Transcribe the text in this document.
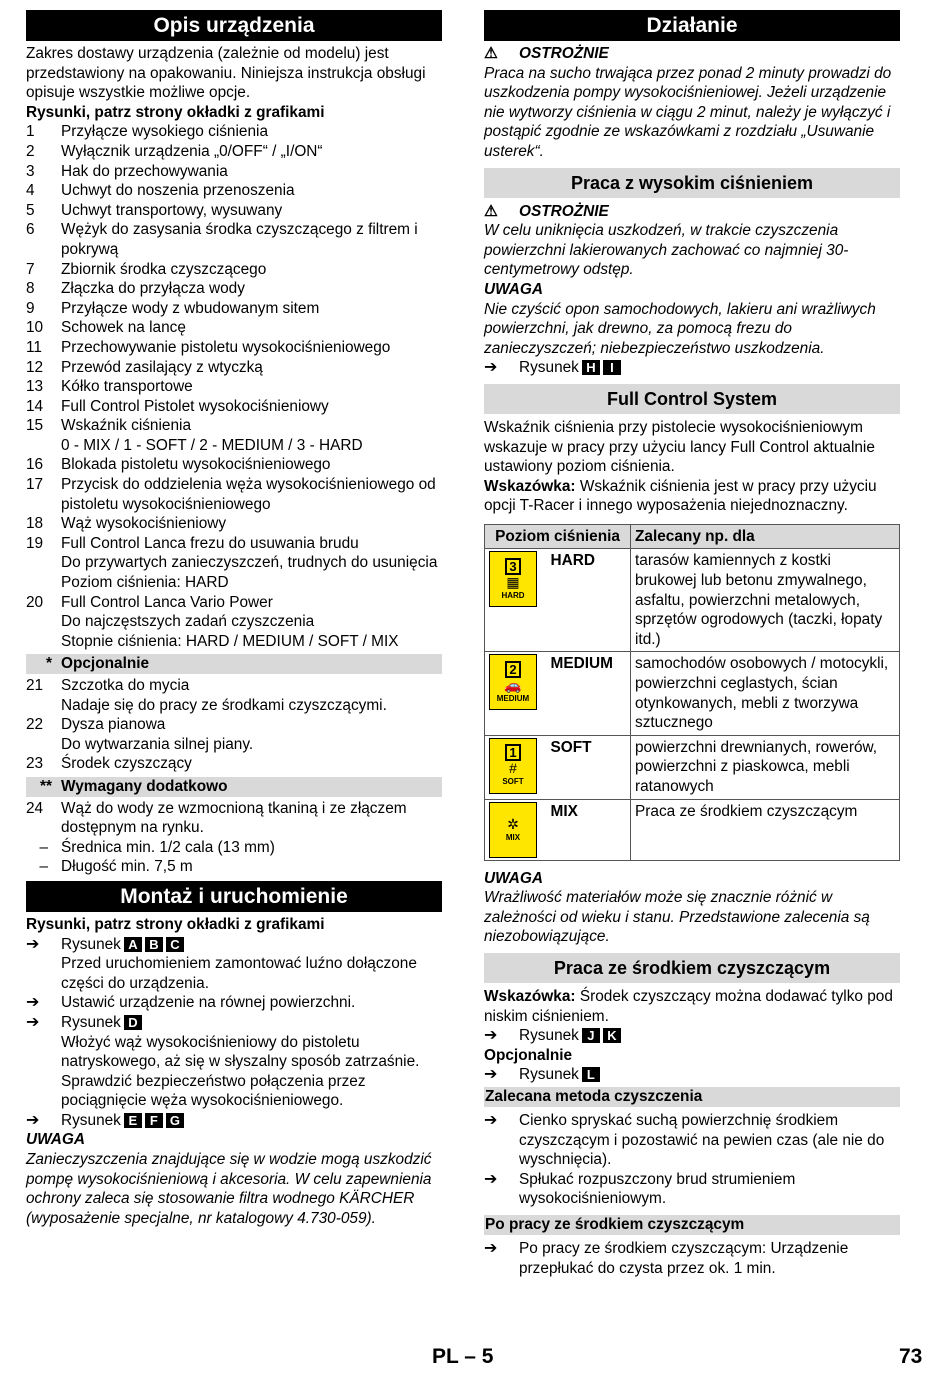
Opis urządzenia

Zakres dostawy urządzenia (zależnie od modelu) jest przedstawiony na opakowaniu. Niniejsza instrukcja obsługi opisuje wszystkie możliwe opcje.

Rysunki, patrz strony okładki z grafikami

1	Przyłącze wysokiego ciśnienia
2	Wyłącznik urządzenia „0/OFF“ / „I/ON“
3	Hak do przechowywania
4	Uchwyt do noszenia przenoszenia
5	Uchwyt transportowy, wysuwany
6	Wężyk do zasysania środka czyszczącego z filtrem i pokrywą
7	Zbiornik środka czyszczącego
8	Złączka do przyłącza wody
9	Przyłącze wody z wbudowanym sitem
10	Schowek na lancę
11	Przechowywanie pistoletu wysokociśnieniowego
12	Przewód zasilający z wtyczką
13	Kółko transportowe
14	Full Control Pistolet wysokociśnieniowy
15	Wskaźnik ciśnienia
0 - MIX / 1 - SOFT / 2 - MEDIUM / 3 - HARD
16	Blokada pistoletu wysokociśnieniowego
17	Przycisk do oddzielenia węża wysokociśnieniowego od pistoletu wysokociśnieniowego
18	Wąż wysokociśnieniowy
19	Full Control Lanca frezu do usuwania brudu
Do przywartych zanieczyszczeń, trudnych do usunięcia
Poziom ciśnienia: HARD
20	Full Control Lanca Vario Power
Do najczęstszych zadań czyszczenia
Stopnie ciśnienia: HARD / MEDIUM / SOFT / MIX
* Opcjonalnie
21	Szczotka do mycia
Nadaje się do pracy ze środkami czyszczącymi.
22	Dysza pianowa
Do wytwarzania silnej piany.
23	Środek czyszczący
** Wymagany dodatkowo
24	Wąż do wody ze wzmocnioną tkaniną i ze złączem dostępnym na rynku.
– Średnica min. 1/2 cala (13 mm)
– Długość min. 7,5 m
Montaż i uruchomienie

Rysunki, patrz strony okładki z grafikami

➔	Rysunek A B C
Przed uruchomieniem zamontować luźno dołączone części do urządzenia.
➔	Ustawić urządzenie na równej powierzchni.
➔	Rysunek D
Włożyć wąż wysokociśnieniowy do pistoletu natryskowego, aż się w słyszalny sposób zatrzaśnie.
Sprawdzić bezpieczeństwo połączenia przez pociągnięcie węża wysokociśnieniowego.
➔	Rysunek E F G

UWAGA

Zanieczyszczenia znajdujące się w wodzie mogą uszkodzić pompę wysokociśnieniową i akcesoria. W celu zapewnienia ochrony zaleca się stosowanie filtra wodnego KÄRCHER (wyposażenie specjalne, nr katalogowy 4.730-059).

Działanie

⚠ OSTROŻNIE

Praca na sucho trwająca przez ponad 2 minuty prowadzi do uszkodzenia pompy wysokociśnieniowej. Jeżeli urządzenie nie wytworzy ciśnienia w ciągu 2 minut, należy je wyłączyć i postąpić zgodnie ze wskazówkami z rozdziału „Usuwanie usterek“.

Praca z wysokim ciśnieniem

⚠ OSTROŻNIE

W celu uniknięcia uszkodzeń, w trakcie czyszczenia powierzchni lakierowanych zachować co najmniej 30-centymetrowy odstęp.

UWAGA

Nie czyścić opon samochodowych, lakieru ani wrażliwych powierzchni, jak drewno, za pomocą frezu do zanieczyszczeń; niebezpieczeństwo uszkodzenia.

➔	Rysunek H I
Full Control System

Wskaźnik ciśnienia przy pistolecie wysokociśnieniowym wskazuje w pracy przy użyciu lancy Full Control aktualnie ustawiony poziom ciśnienia.

Wskazówka: Wskaźnik ciśnienia jest w pracy przy użyciu opcji T-Racer i innego wyposażenia niejednoznaczny.

Poziom ciśnienia		Zalecany np. dla

3
▦
HARD	HARD	tarasów kamiennych z kostki brukowej lub betonu zmywalnego, asfaltu, powierzchni metalowych, sprzętów ogrodowych (taczki, łopaty itd.)

2
🚗
MEDIUM	MEDIUM	samochodów osobowych / motocykli, powierzchni ceglastych, ścian otynkowanych, mebli z tworzywa sztucznego

1
#
SOFT	SOFT	powierzchni drewnianych, rowerów, powierzchni z piaskowca, mebli ratanowych

✲
MIX	MIX	Praca ze środkiem czyszczącym

UWAGA

Wrażliwość materiałów może się znacznie różnić w zależności od wieku i stanu. Przedstawione zalecenia są niezobowiązujące.

Praca ze środkiem czyszczącym

Wskazówka: Środek czyszczący można dodawać tylko pod niskim ciśnieniem.

➔	Rysunek J K

Opcjonalnie

➔	Rysunek L
Zalecana metoda czyszczenia
➔	Cienko spryskać suchą powierzchnię środkiem czyszczącym i pozostawić na pewien czas (ale nie do wyschnięcia).
➔	Spłukać rozpuszczony brud strumieniem wysokociśnieniowym.
Po pracy ze środkiem czyszczącym
➔	Po pracy ze środkiem czyszczącym: Urządzenie przepłukać do czysta przez ok. 1 min.
PL – 5	73
